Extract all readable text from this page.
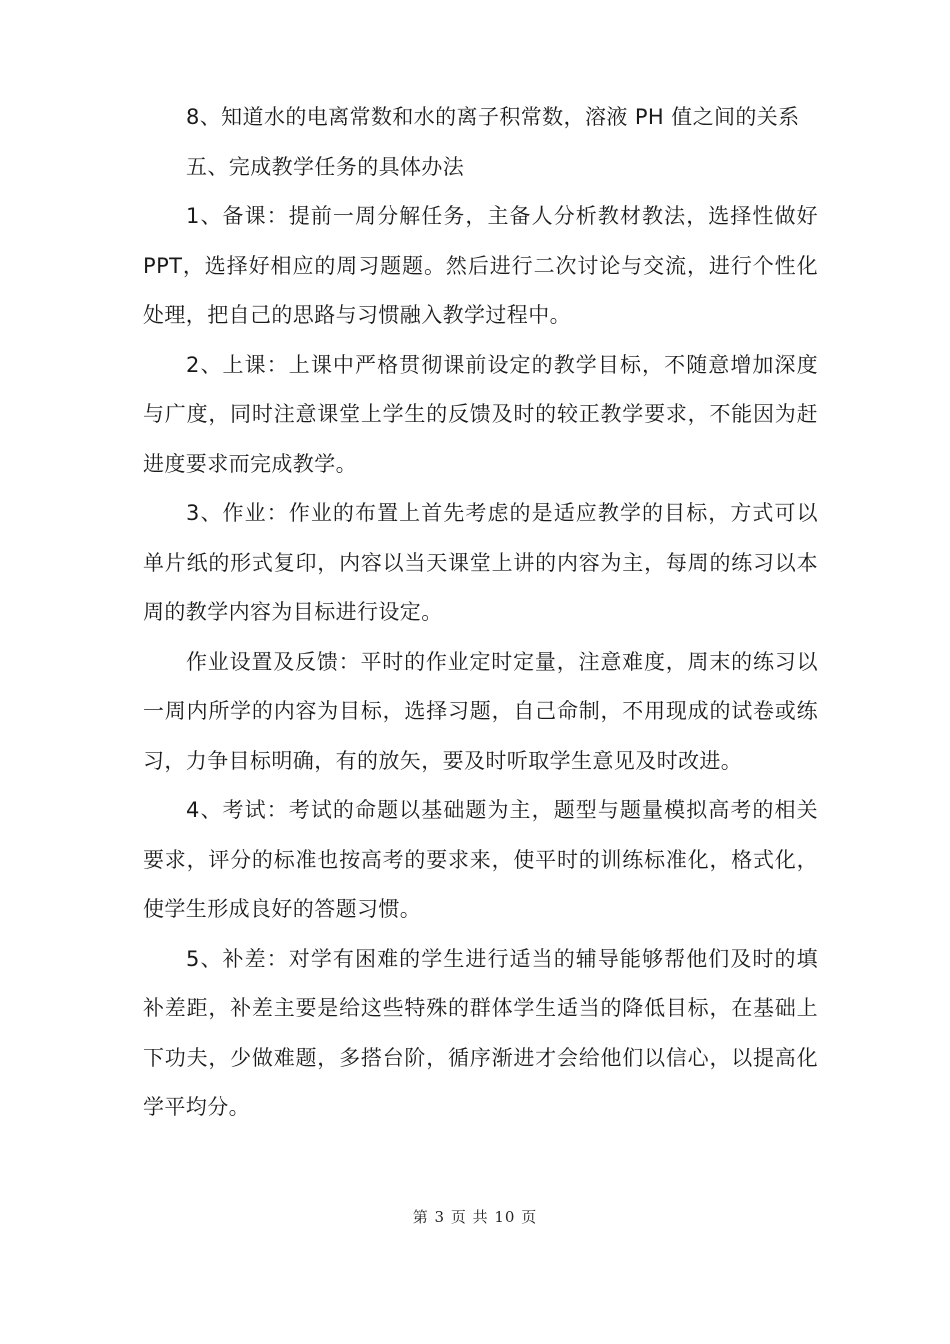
8、知道水的电离常数和水的离子积常数，溶液 PH 值之间的关系

五、完成教学任务的具体办法

1、备课：提前一周分解任务，主备人分析教材教法，选择性做好 PPT，选择好相应的周习题题。然后进行二次讨论与交流，进行个性化处理，把自己的思路与习惯融入教学过程中。

2、上课：上课中严格贯彻课前设定的教学目标，不随意增加深度与广度，同时注意课堂上学生的反馈及时的较正教学要求，不能因为赶进度要求而完成教学。

3、作业：作业的布置上首先考虑的是适应教学的目标，方式可以单片纸的形式复印，内容以当天课堂上讲的内容为主，每周的练习以本周的教学内容为目标进行设定。

作业设置及反馈：平时的作业定时定量，注意难度，周末的练习以一周内所学的内容为目标，选择习题，自己命制，不用现成的试卷或练习，力争目标明确，有的放矢，要及时听取学生意见及时改进。

4、考试：考试的命题以基础题为主，题型与题量模拟高考的相关要求，评分的标准也按高考的要求来，使平时的训练标准化，格式化，使学生形成良好的答题习惯。

5、补差：对学有困难的学生进行适当的辅导能够帮他们及时的填补差距，补差主要是给这些特殊的群体学生适当的降低目标，在基础上下功夫，少做难题，多搭台阶，循序渐进才会给他们以信心，以提高化学平均分。

第 3 页 共 10 页
